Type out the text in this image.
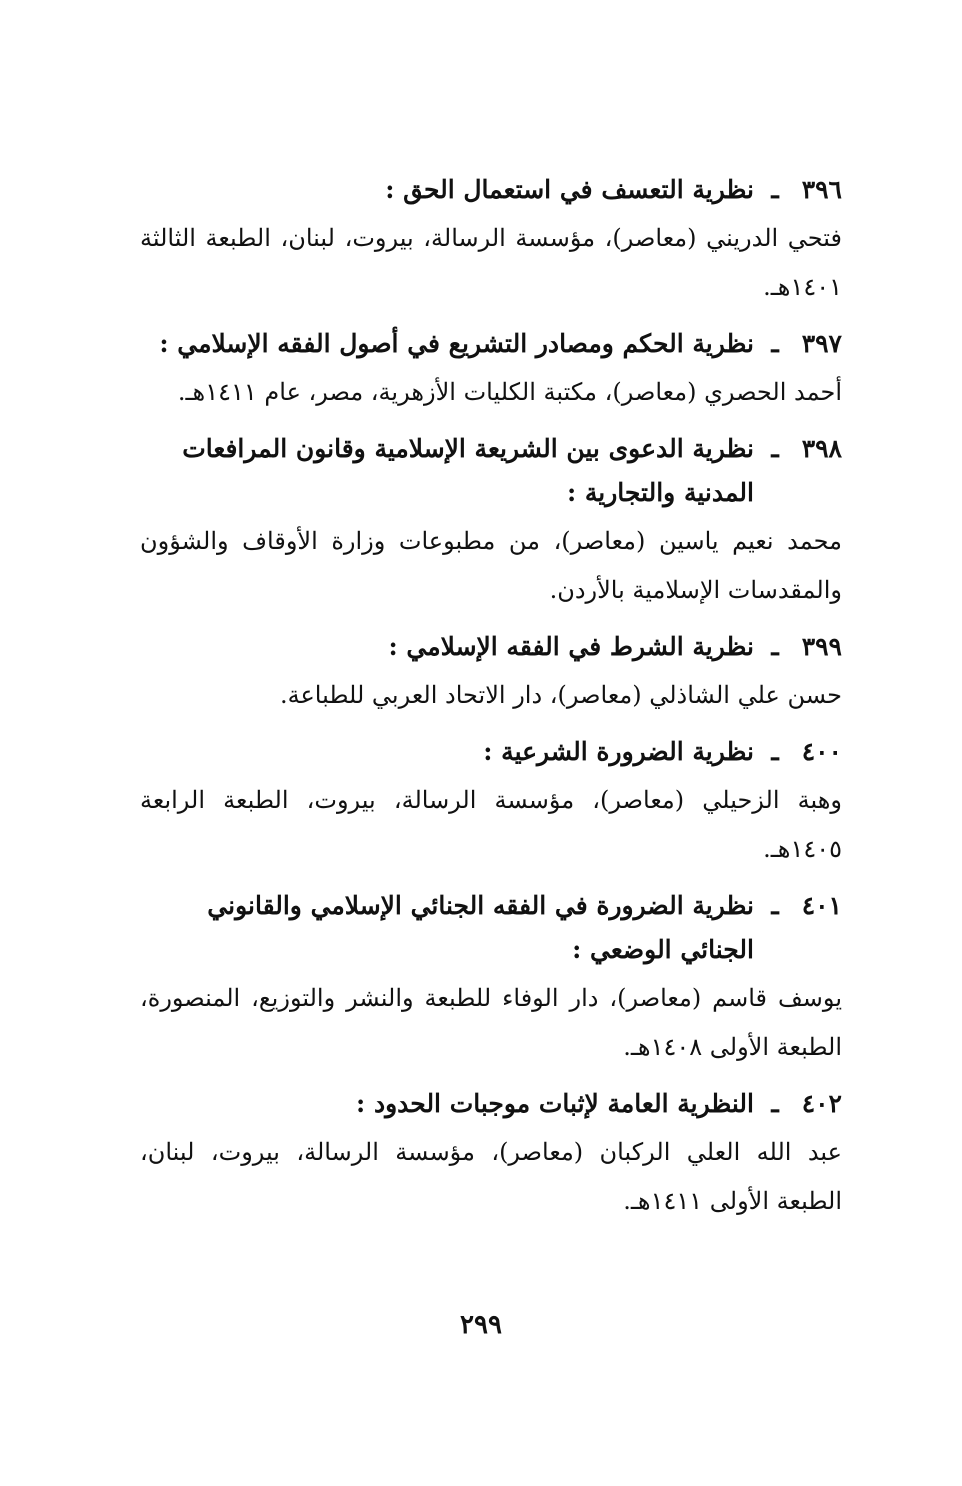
٣٩٦
ـ
نظرية التعسف في استعمال الحق :
فتحي الدريني (معاصر)، مؤسسة الرسالة، بيروت، لبنان، الطبعة الثالثة ١٤٠١هـ.
٣٩٧
ـ
نظرية الحكم ومصادر التشريع في أصول الفقه الإسلامي :
أحمد الحصري (معاصر)، مكتبة الكليات الأزهرية، مصر، عام ١٤١١هـ.
٣٩٨
ـ
نظرية الدعوى بين الشريعة الإسلامية وقانون المرافعات المدنية والتجارية :
محمد نعيم ياسين (معاصر)، من مطبوعات وزارة الأوقاف والشؤون والمقدسات الإسلامية بالأردن.
٣٩٩
ـ
نظرية الشرط في الفقه الإسلامي :
حسن علي الشاذلي (معاصر)، دار الاتحاد العربي للطباعة.
٤٠٠
ـ
نظرية الضرورة الشرعية :
وهبة الزحيلي (معاصر)، مؤسسة الرسالة، بيروت، الطبعة الرابعة ١٤٠٥هـ.
٤٠١
ـ
نظرية الضرورة في الفقه الجنائي الإسلامي والقانوني الجنائي الوضعي :
يوسف قاسم (معاصر)، دار الوفاء للطبعة والنشر والتوزيع، المنصورة، الطبعة الأولى ١٤٠٨هـ.
٤٠٢
ـ
النظرية العامة لإثبات موجبات الحدود :
عبد الله العلي الركبان (معاصر)، مؤسسة الرسالة، بيروت، لبنان، الطبعة الأولى ١٤١١هـ.
٢٩٩
